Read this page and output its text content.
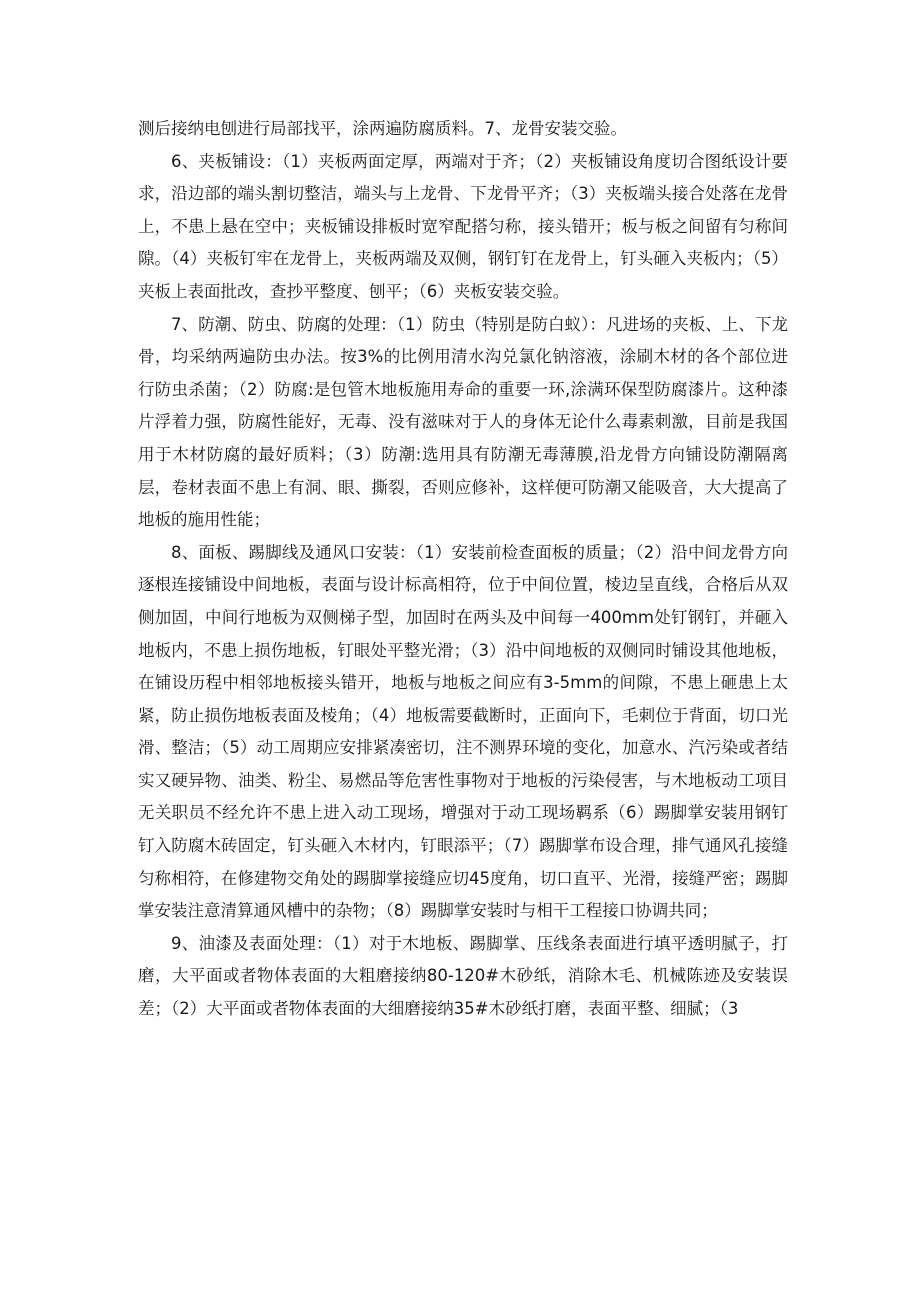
测后接纳电刨进行局部找平，涂两遍防腐质料。7、龙骨安装交验。

6、夹板铺设：（1）夹板两面定厚，两端对于齐；（2）夹板铺设角度切合图纸设计要求，沿边部的端头割切整洁，端头与上龙骨、下龙骨平齐；（3）夹板端头接合处落在龙骨上，不患上悬在空中；夹板铺设排板时宽窄配搭匀称，接头错开；板与板之间留有匀称间隙。（4）夹板钉牢在龙骨上，夹板两端及双侧，钢钉钉在龙骨上，钉头砸入夹板内；（5）夹板上表面批改，查抄平整度、刨平；（6）夹板安装交验。

7、防潮、防虫、防腐的处理：（1）防虫（特别是防白蚁）：凡进场的夹板、上、下龙骨，均采纳两遍防虫办法。按3%的比例用清水沟兑氯化钠溶液，涂刷木材的各个部位进行防虫杀菌；（2）防腐:是包管木地板施用寿命的重要一环,涂满环保型防腐漆片。这种漆片浮着力强，防腐性能好，无毒、没有滋味对于人的身体无论什么毒素刺激，目前是我国用于木材防腐的最好质料；（3）防潮:选用具有防潮无毒薄膜,沿龙骨方向铺设防潮隔离层，卷材表面不患上有洞、眼、撕裂，否则应修补，这样便可防潮又能吸音，大大提高了地板的施用性能；

8、面板、踢脚线及通风口安装：（1）安装前检查面板的质量；（2）沿中间龙骨方向逐根连接铺设中间地板，表面与设计标高相符，位于中间位置，棱边呈直线，合格后从双侧加固，中间行地板为双侧梯子型，加固时在两头及中间每一400mm处钉钢钉，并砸入地板内，不患上损伤地板，钉眼处平整光滑；（3）沿中间地板的双侧同时铺设其他地板，在铺设历程中相邻地板接头错开，地板与地板之间应有3-5mm的间隙，不患上砸患上太紧，防止损伤地板表面及棱角；（4）地板需要截断时，正面向下，毛刺位于背面，切口光滑、整洁；（5）动工周期应安排紧凑密切，注不测界环境的变化，加意水、汽污染或者结实又硬异物、油类、粉尘、易燃品等危害性事物对于地板的污染侵害，与木地板动工项目无关职员不经允许不患上进入动工现场，增强对于动工现场羁系（6）踢脚掌安装用钢钉钉入防腐木砖固定，钉头砸入木材内，钉眼添平；（7）踢脚掌布设合理，排气通风孔接缝匀称相符，在修建物交角处的踢脚掌接缝应切45度角，切口直平、光滑，接缝严密；踢脚掌安装注意清算通风槽中的杂物；（8）踢脚掌安装时与相干工程接口协调共同；

9、油漆及表面处理：（1）对于木地板、踢脚掌、压线条表面进行填平透明腻子，打磨，大平面或者物体表面的大粗磨接纳80-120#木砂纸，消除木毛、机械陈迹及安装误差；（2）大平面或者物体表面的大细磨接纳35#木砂纸打磨，表面平整、细腻；（3
